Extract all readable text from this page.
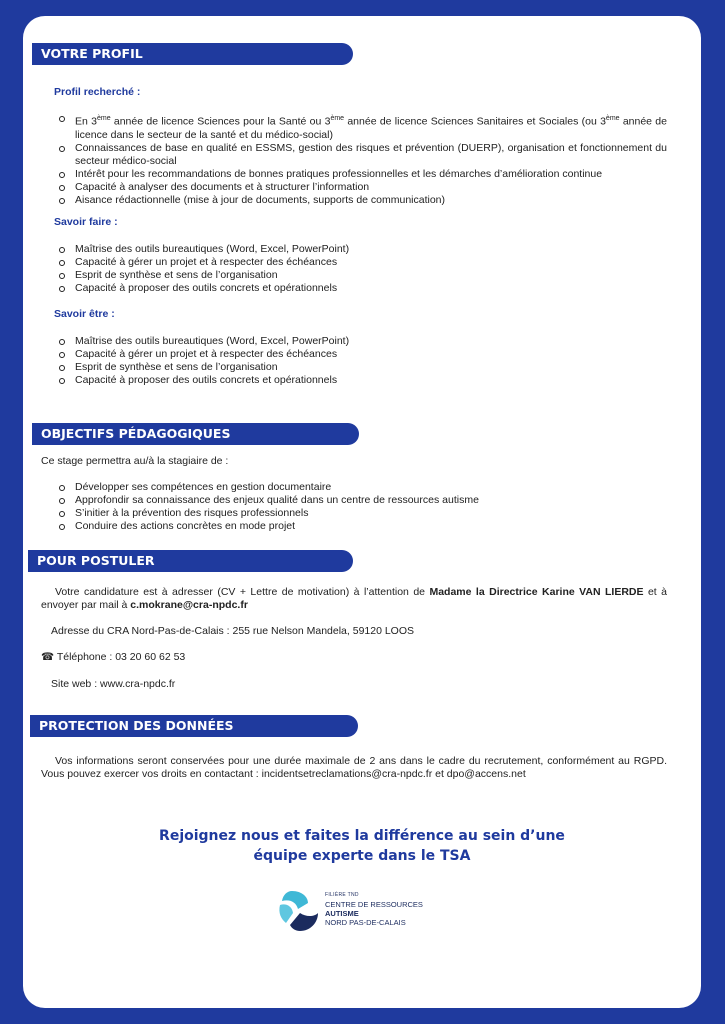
VOTRE PROFIL
Profil recherché :
En 3ème année de licence Sciences pour la Santé ou 3ème année de licence Sciences Sanitaires et Sociales (ou 3ème année de licence dans le secteur de la santé et du médico-social)
Connaissances de base en qualité en ESSMS, gestion des risques et prévention (DUERP), organisation et fonctionnement du secteur médico-social
Intérêt pour les recommandations de bonnes pratiques professionnelles et les démarches d’amélioration continue
Capacité à analyser des documents et à structurer l’information
Aisance rédactionnelle (mise à jour de documents, supports de communication)
Savoir faire :
Maîtrise des outils bureautiques (Word, Excel, PowerPoint)
Capacité à gérer un projet et à respecter des échéances
Esprit de synthèse et sens de l’organisation
Capacité à proposer des outils concrets et opérationnels
Savoir être :
Maîtrise des outils bureautiques (Word, Excel, PowerPoint)
Capacité à gérer un projet et à respecter des échéances
Esprit de synthèse et sens de l’organisation
Capacité à proposer des outils concrets et opérationnels
OBJECTIFS PÉDAGOGIQUES
Ce stage permettra au/à la stagiaire de :
Développer ses compétences en gestion documentaire
Approfondir sa connaissance des enjeux qualité dans un centre de ressources autisme
S’initier à la prévention des risques professionnels
Conduire des actions concrètes en mode projet
POUR POSTULER
Votre candidature est à adresser (CV + Lettre de motivation) à l’attention de Madame la Directrice Karine VAN LIERDE et à envoyer par mail à c.mokrane@cra-npdc.fr
Adresse du CRA Nord-Pas-de-Calais : 255 rue Nelson Mandela, 59120 LOOS
☎ Téléphone : 03 20 60 62 53
Site web : www.cra-npdc.fr
PROTECTION DES DONNÉES
Vos informations seront conservées pour une durée maximale de 2 ans dans le cadre du recrutement, conformément au RGPD. Vous pouvez exercer vos droits en contactant : incidentsetreclamations@cra-npdc.fr et dpo@accens.net
Rejoignez nous et faites la différence au sein d’une
équipe experte dans le TSA
FILIÈRE TND
CENTRE DE RESSOURCES
AUTISME
NORD PAS-DE-CALAIS
